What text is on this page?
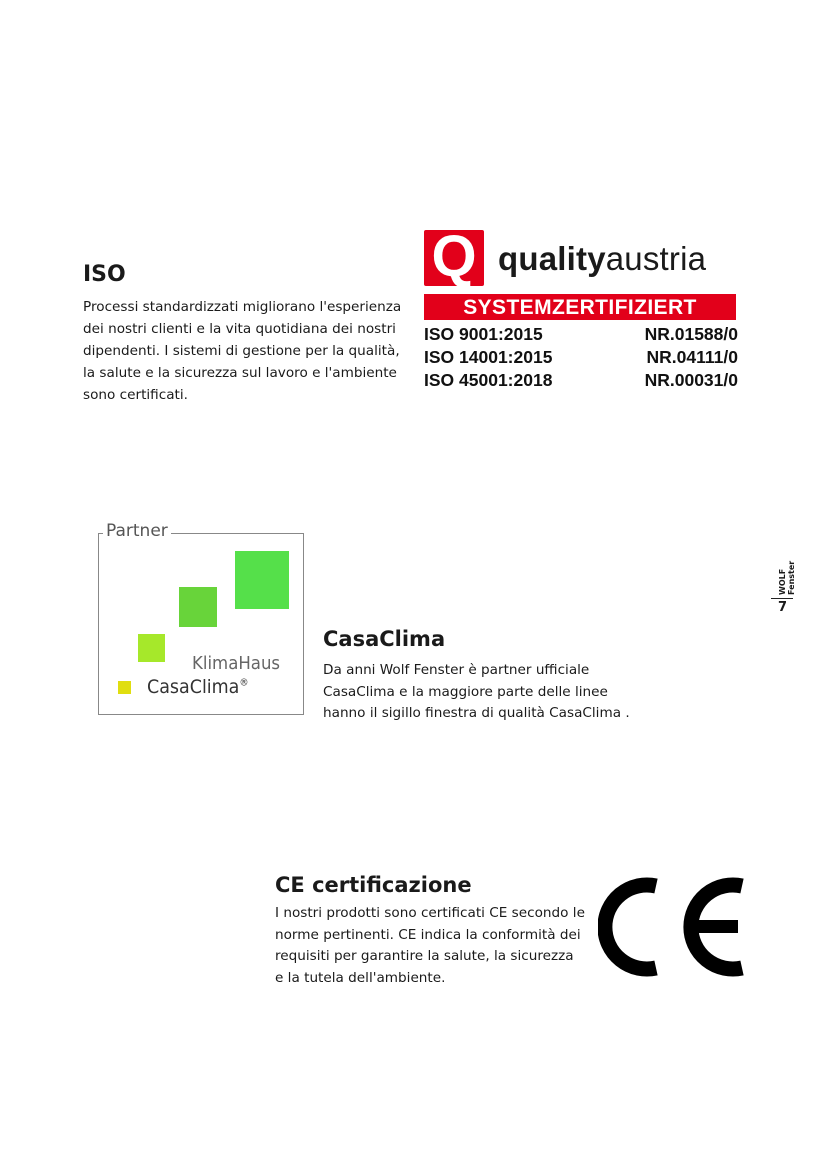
ISO

Processi standardizzati migliorano l'esperienza dei nostri clienti e la vita quotidiana dei nostri dipendenti. I sistemi di gestione per la qualità, la salute e la sicurezza sul lavoro e l'ambiente sono certificati.

Q qualityaustria
SYSTEMZERTIFIZIERT
ISO 9001:2015	NR.01588/0
ISO 14001:2015	NR.04111/0
ISO 45001:2018	NR.00031/0
Partner
KlimaHaus
CasaClima®
CasaClima

Da anni Wolf Fenster è partner ufficiale CasaClima e la maggiore parte delle linee hanno il sigillo finestra di qualità CasaClima .

CE certificazione

I nostri prodotti sono certificati CE secondo le norme pertinenti. CE indica la conformità dei requisiti per garantire la salute, la sicurezza e la tutela dell'ambiente.

WOLF Fenster
7
